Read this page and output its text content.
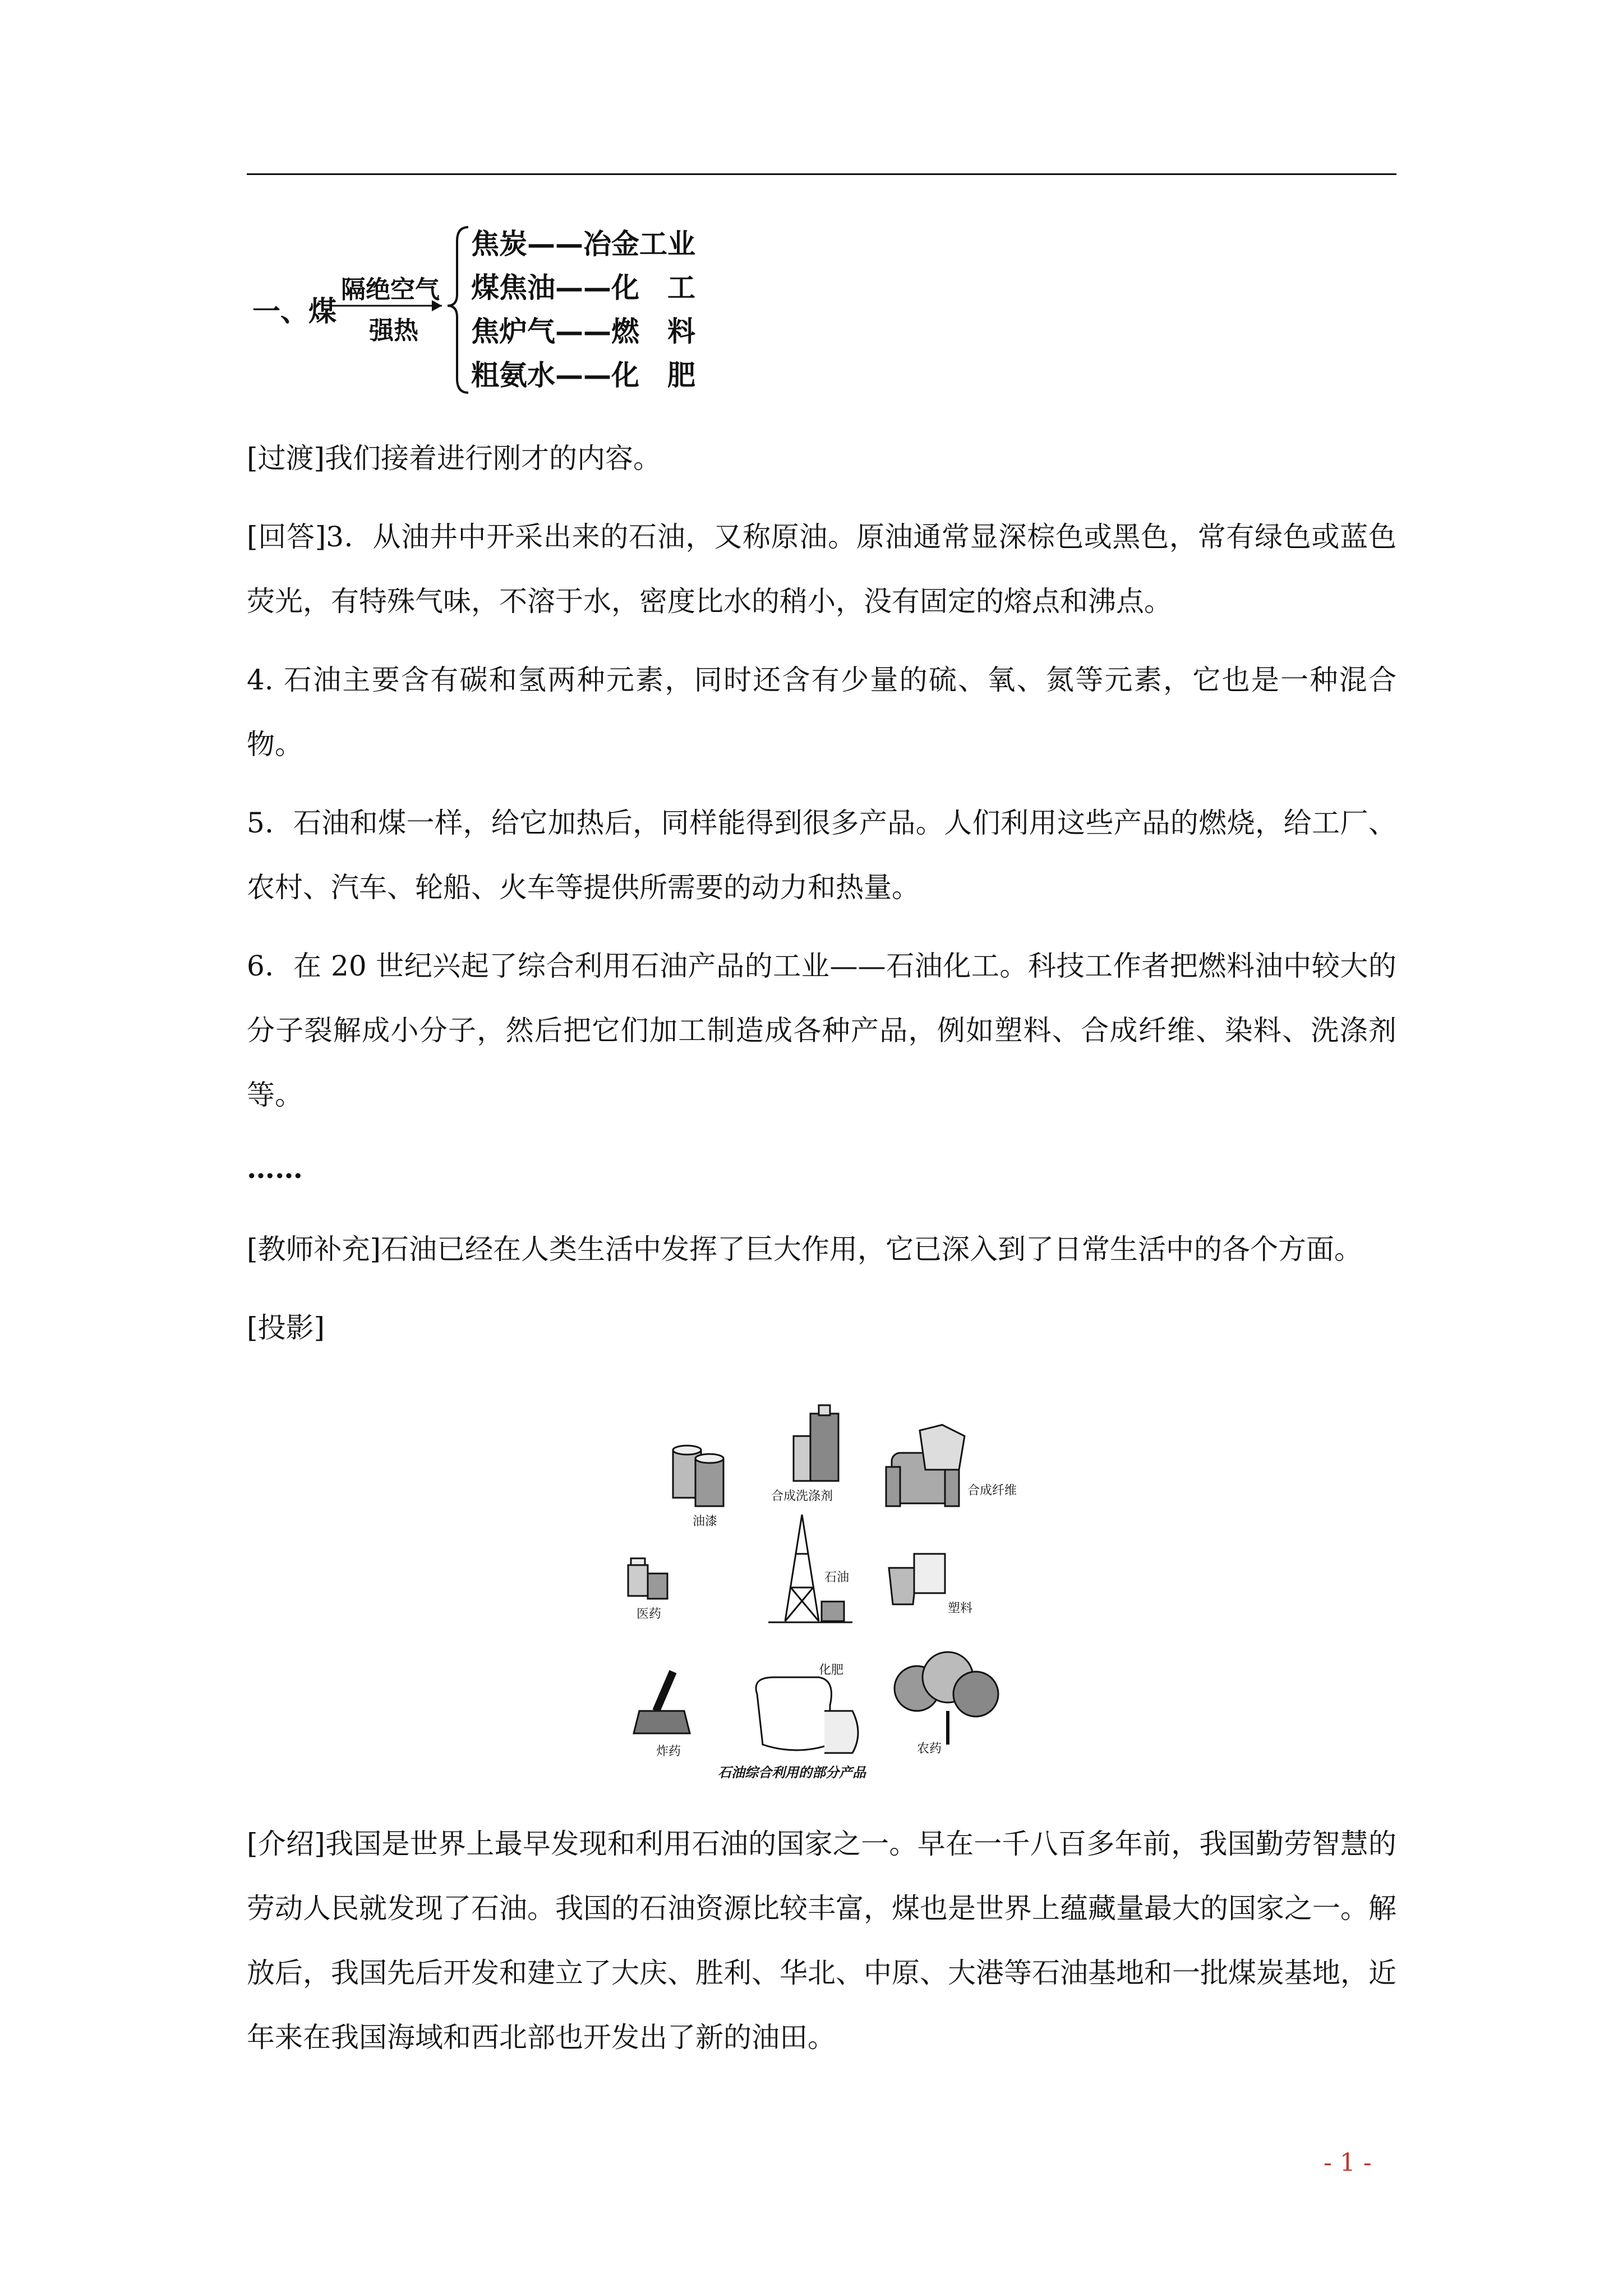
一、煤
隔绝空气
强热
焦炭——冶金工业
煤焦油——化　工
焦炉气——燃　料
粗氨水——化　肥
[过渡]我们接着进行刚才的内容。
[回答]3．从油井中开采出来的石油，又称原油。原油通常显深棕色或黑色，常有绿色或蓝色荧光，有特殊气味，不溶于水，密度比水的稍小，没有固定的熔点和沸点。
4. 石油主要含有碳和氢两种元素，同时还含有少量的硫、氧、氮等元素，它也是一种混合物。
5．石油和煤一样，给它加热后，同样能得到很多产品。人们利用这些产品的燃烧，给工厂、农村、汽车、轮船、火车等提供所需要的动力和热量。
6．在 20 世纪兴起了综合利用石油产品的工业——石油化工。科技工作者把燃料油中较大的分子裂解成小分子，然后把它们加工制造成各种产品，例如塑料、合成纤维、染料、洗涤剂等。
……
[教师补充]石油已经在人类生活中发挥了巨大作用，它已深入到了日常生活中的各个方面。
[投影]
油漆
合成洗涤剂	合成纤维
医药
石油
塑料
炸药
化肥
农药
石油综合利用的部分产品
[介绍]我国是世界上最早发现和利用石油的国家之一。早在一千八百多年前，我国勤劳智慧的劳动人民就发现了石油。我国的石油资源比较丰富，煤也是世界上蕴藏量最大的国家之一。解放后，我国先后开发和建立了大庆、胜利、华北、中原、大港等石油基地和一批煤炭基地，近年来在我国海域和西北部也开发出了新的油田。
- 1 -
